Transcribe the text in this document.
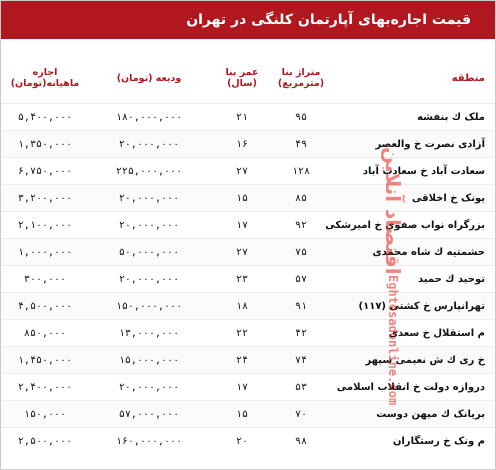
قیمت اجاره‌بهای آپارتمان کلنگی در تهران
منطقه
متراژ بنا (مترمربع)
عمر بنا (سال)
ودیعه (تومان)
اجاره ماهیانه(تومان)
ملک ك بنفشه
۹۵
۲۱
۱۸۰,۰۰۰,۰۰۰
۵,۴۰۰,۰۰۰
آزادی نصرت خ والعصر
۴۹
۱۶
۲۰,۰۰۰,۰۰۰
۱,۳۵۰,۰۰۰
سعادت آباد خ سعادت آباد
۱۲۸
۲۷
۲۲۵,۰۰۰,۰۰۰
۶,۷۵۰,۰۰۰
یونک خ اخلاقی
۸۵
۱۵
۲۰,۰۰۰,۰۰۰
۳,۲۰۰,۰۰۰
بزرگراه نواب صفوی خ امیرشکی
۹۲
۱۷
۲۰,۰۰۰,۰۰۰
۲,۱۰۰,۰۰۰
حشمتیه ك شاه محمدی
۷۵
۲۷
۵۰,۰۰۰,۰۰۰
۱,۰۰۰,۰۰۰
توحید ك حمید
۵۷
۲۳
۲۰,۰۰۰,۰۰۰
۳۰۰,۰۰۰
تهرانپارس خ کشتی (۱۱۷)
۹۱
۱۸
۱۵۰,۰۰۰,۰۰۰
۴,۵۰۰,۰۰۰
م استقلال خ سعدی
۴۲
۲۲
۱۳,۰۰۰,۰۰۰
۸۵۰,۰۰۰
خ ری ك ش نعیمی سپهر
۷۴
۲۴
۱۵,۰۰۰,۰۰۰
۱,۴۵۰,۰۰۰
دروازه دولت خ انقلاب اسلامی
۵۳
۱۷
۲۰,۰۰۰,۰۰۰
۲,۴۰۰,۰۰۰
بریانک ك میهن دوست
۷۰
۱۵
۵۷,۰۰۰,۰۰۰
۱۵۰,۰۰۰
م ونک خ رستگاران
۹۸
۲۰
۱۶۰,۰۰۰,۰۰۰
۲,۵۰۰,۰۰۰
اقتصاد آنلاین
Eghtesadonline.com
